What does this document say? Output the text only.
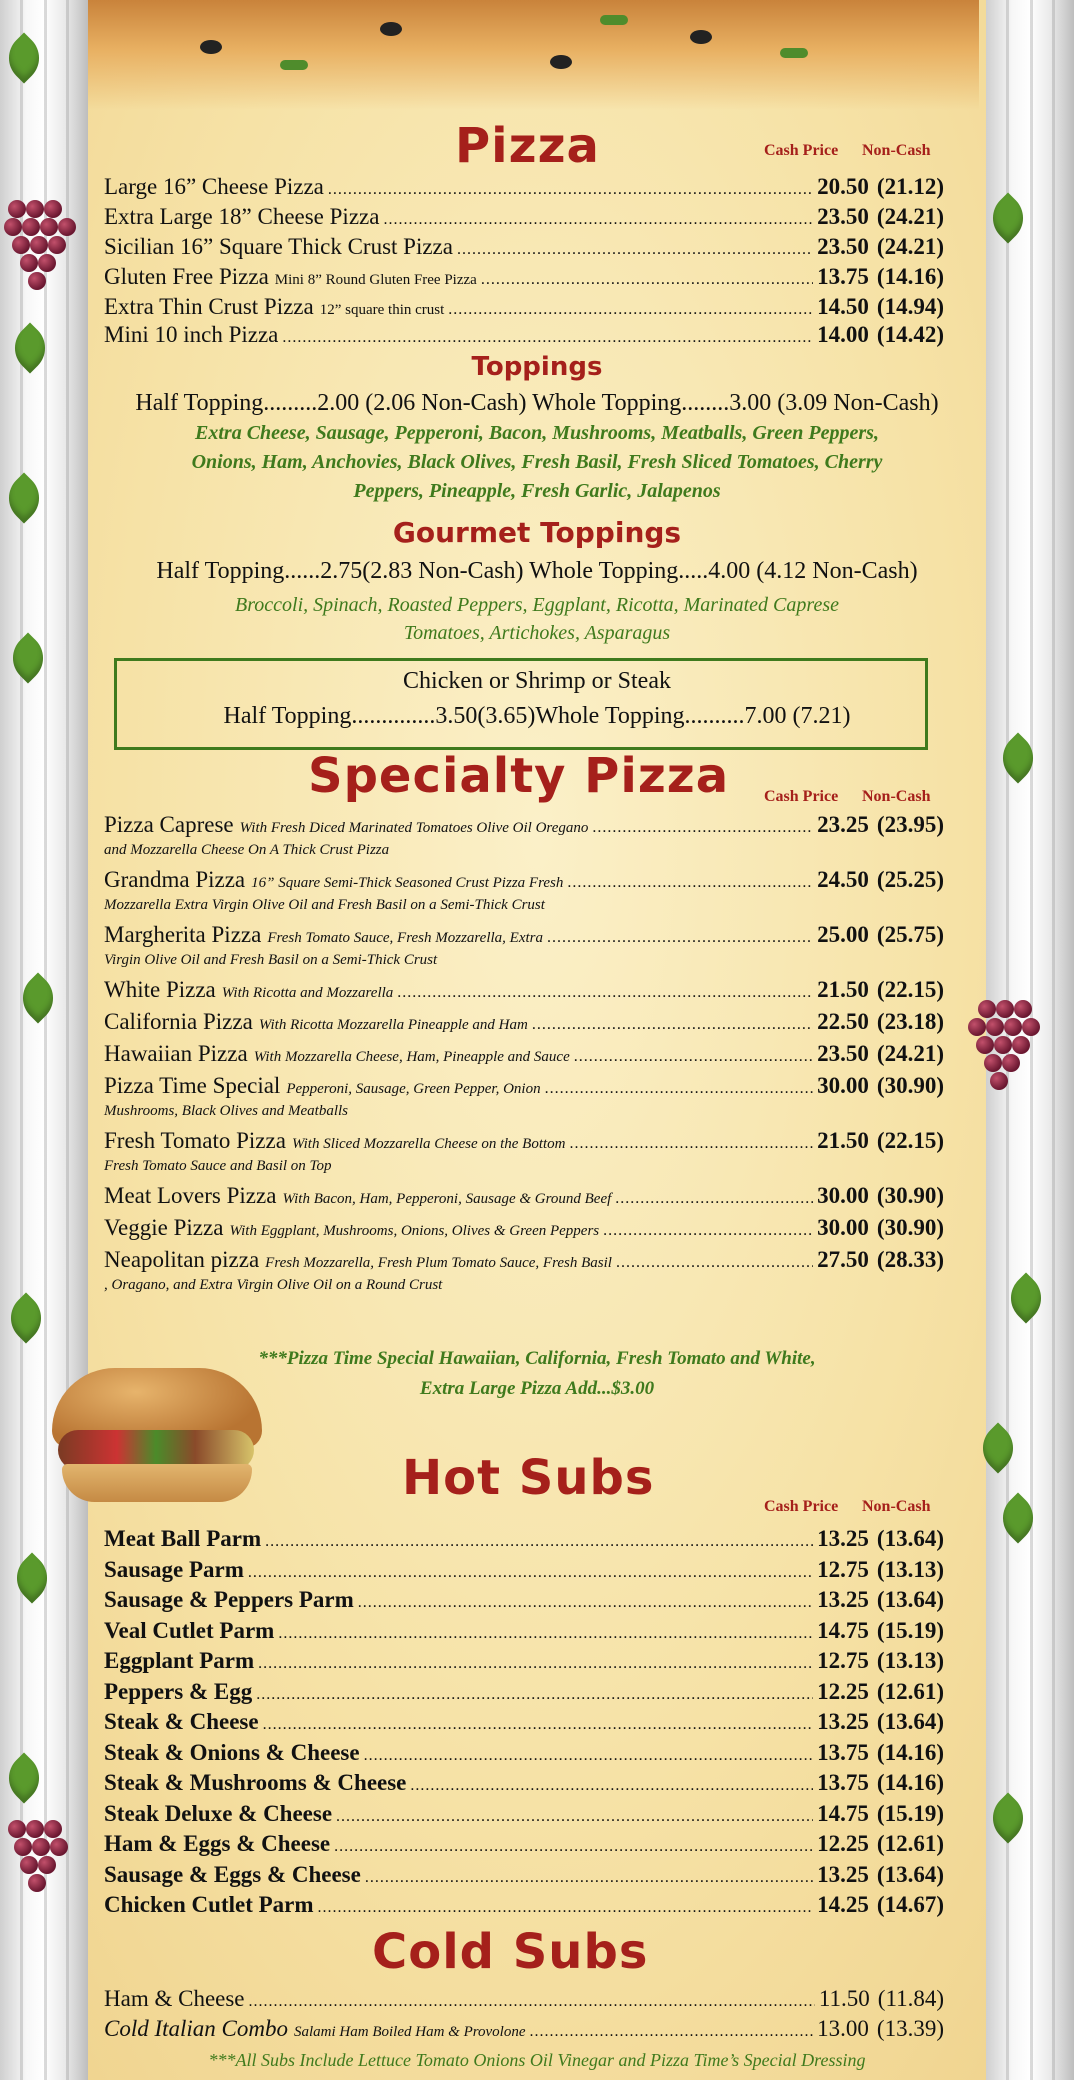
Pizza	Cash Price Non-Cash
Large 16” Cheese Pizza .....	20.50 (21.12)
Extra Large 18” Cheese Pizza .....	23.50 (24.21)
Sicilian 16” Square Thick Crust Pizza .....	23.50 (24.21)
Gluten Free Pizza Mini 8” Round Gluten Free Pizza .....	13.75 (14.16)
Extra Thin Crust Pizza 12” square thin crust .....	14.50 (14.94)
Mini 10 inch Pizza .....	14.00 (14.42)
Toppings
Half Topping.........2.00 (2.06 Non-Cash) Whole Topping........3.00 (3.09 Non-Cash)
Extra Cheese, Sausage, Pepperoni, Bacon, Mushrooms, Meatballs, Green Peppers,
Onions, Ham, Anchovies, Black Olives, Fresh Basil, Fresh Sliced Tomatoes, Cherry
Peppers, Pineapple, Fresh Garlic, Jalapenos
Gourmet Toppings
Half Topping......2.75(2.83 Non-Cash) Whole Topping.....4.00 (4.12 Non-Cash)
Broccoli, Spinach, Roasted Peppers, Eggplant, Ricotta, Marinated Caprese
Tomatoes, Artichokes, Asparagus
Chicken or Shrimp or Steak
Half Topping..............3.50(3.65)Whole Topping..........7.00 (7.21)
Specialty Pizza Cash Price Non-Cash
Pizza Caprese With Fresh Diced Marinated Tomatoes Olive Oil Oregano .....	23.25 (23.95)
and Mozzarella Cheese On A Thick Crust Pizza
Grandma Pizza 16” Square Semi-Thick Seasoned Crust Pizza Fresh .....	24.50 (25.25)
Mozzarella Extra Virgin Olive Oil and Fresh Basil on a Semi-Thick Crust
Margherita Pizza Fresh Tomato Sauce, Fresh Mozzarella, Extra .....	25.00 (25.75)
Virgin Olive Oil and Fresh Basil on a Semi-Thick Crust
White Pizza With Ricotta and Mozzarella .....	21.50 (22.15)
California Pizza With Ricotta Mozzarella Pineapple and Ham .....	22.50 (23.18)
Hawaiian Pizza With Mozzarella Cheese, Ham, Pineapple and Sauce .....	23.50 (24.21)
Pizza Time Special Pepperoni, Sausage, Green Pepper, Onion .....	30.00 (30.90)
Mushrooms, Black Olives and Meatballs
Fresh Tomato Pizza With Sliced Mozzarella Cheese on the Bottom .....	21.50 (22.15)
Fresh Tomato Sauce and Basil on Top
Meat Lovers Pizza With Bacon, Ham, Pepperoni, Sausage & Ground Beef .....	30.00 (30.90)
Veggie Pizza With Eggplant, Mushrooms, Onions, Olives & Green Peppers .....	30.00 (30.90)
Neapolitan pizza Fresh Mozzarella, Fresh Plum Tomato Sauce, Fresh Basil .....	27.50 (28.33)
, Oragano, and Extra Virgin Olive Oil on a Round Crust
***Pizza Time Special Hawaiian, California, Fresh Tomato and White,
Extra Large Pizza Add...$3.00
Hot Subs
Cash Price Non-Cash
Meat Ball Parm .....	13.25 (13.64)
Sausage Parm .....	12.75 (13.13)
Sausage & Peppers Parm .....	13.25 (13.64)
Veal Cutlet Parm .....	14.75 (15.19)
Eggplant Parm .....	12.75 (13.13)
Peppers & Egg .....	12.25 (12.61)
Steak & Cheese .....	13.25 (13.64)
Steak & Onions & Cheese .....	13.75 (14.16)
Steak & Mushrooms & Cheese .....	13.75 (14.16)
Steak Deluxe & Cheese .....	14.75 (15.19)
Ham & Eggs & Cheese .....	12.25 (12.61)
Sausage & Eggs & Cheese .....	13.25 (13.64)
Chicken Cutlet Parm .....	14.25 (14.67)
Cold Subs
Ham & Cheese .....	11.50 (11.84)
Cold Italian Combo Salami Ham Boiled Ham & Provolone .....	13.00 (13.39)
***All Subs Include Lettuce Tomato Onions Oil Vinegar and Pizza Time’s Special Dressing
